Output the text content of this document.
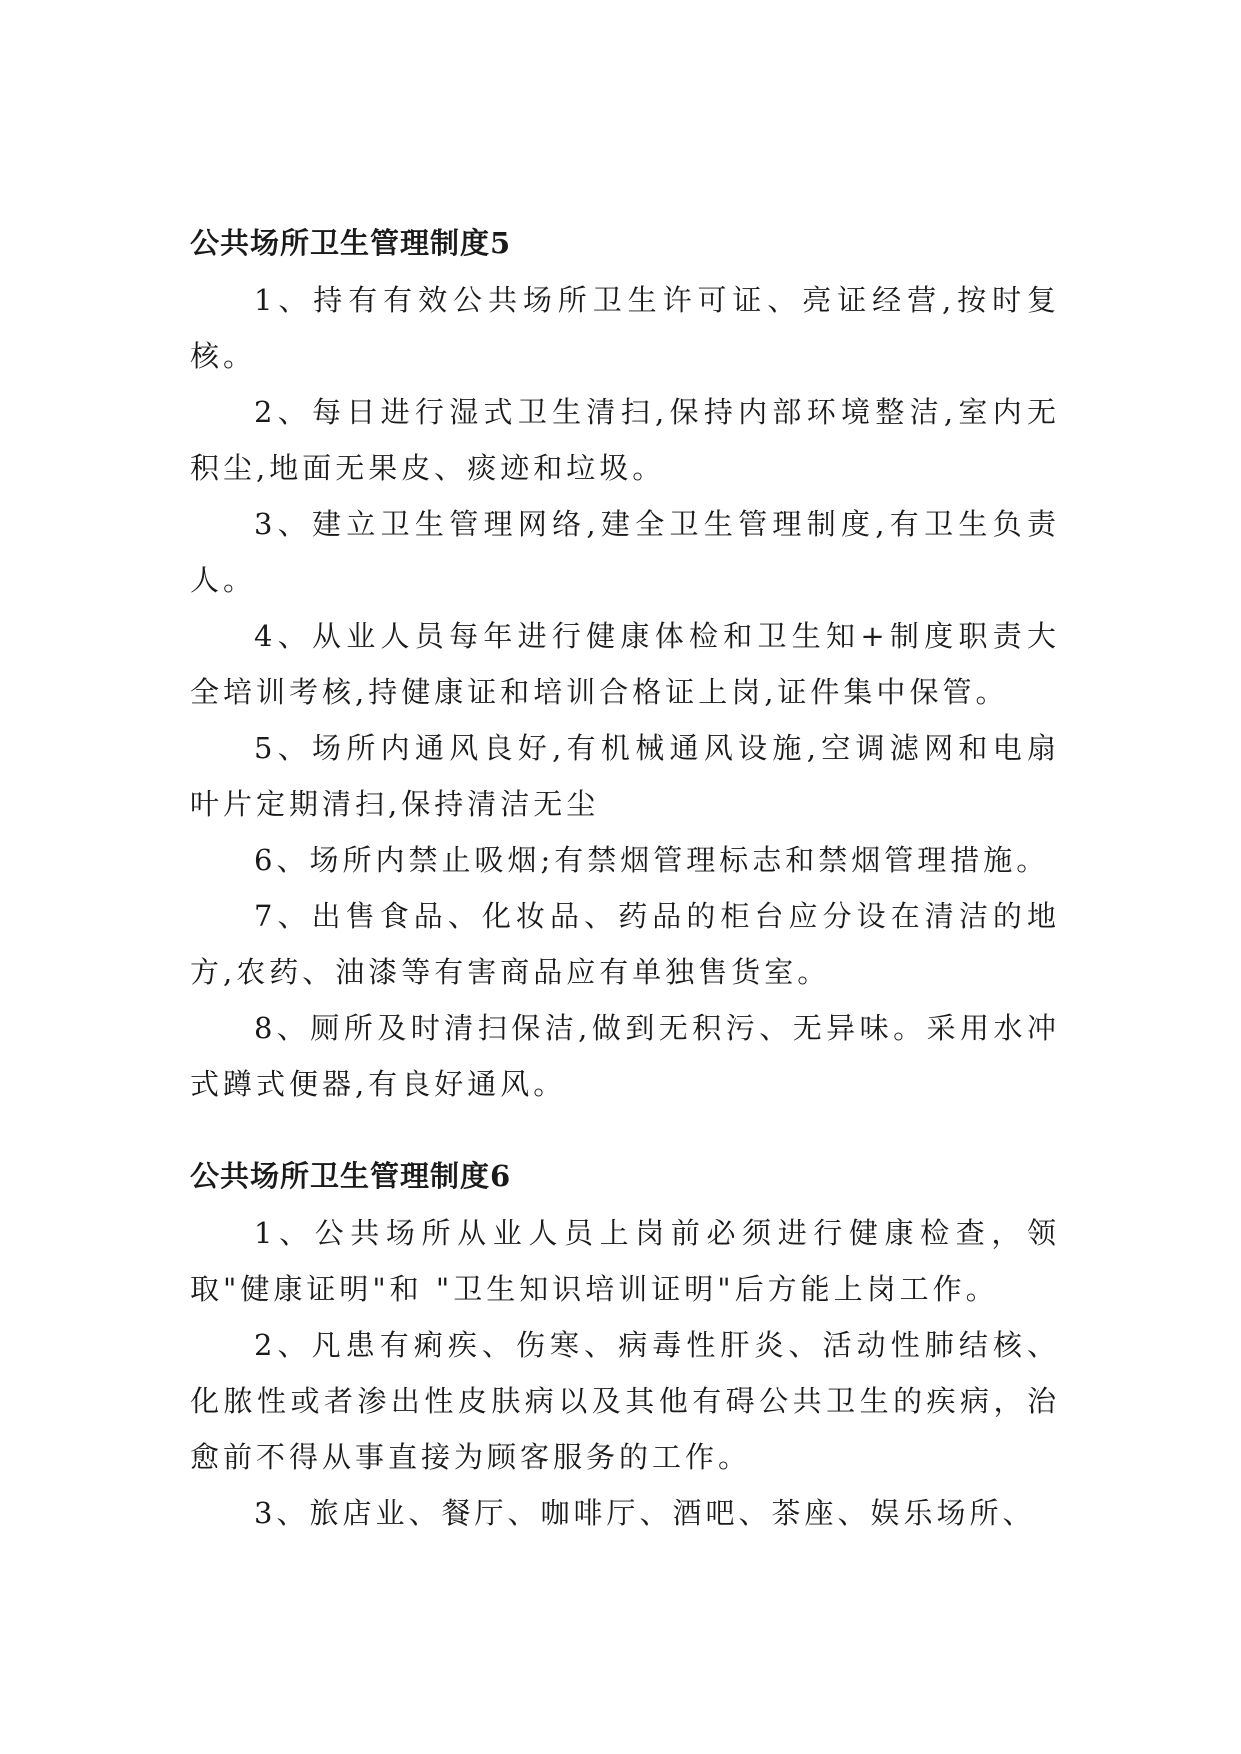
公共场所卫生管理制度5

1、持有有效公共场所卫生许可证、亮证经营,按时复核。

2、每日进行湿式卫生清扫,保持内部环境整洁,室内无积尘,地面无果皮、痰迹和垃圾。

3、建立卫生管理网络,建全卫生管理制度,有卫生负责人。

4、从业人员每年进行健康体检和卫生知+制度职责大全培训考核,持健康证和培训合格证上岗,证件集中保管。

5、场所内通风良好,有机械通风设施,空调滤网和电扇叶片定期清扫,保持清洁无尘

6、场所内禁止吸烟;有禁烟管理标志和禁烟管理措施。

7、出售食品、化妆品、药品的柜台应分设在清洁的地方,农药、油漆等有害商品应有单独售货室。

8、厕所及时清扫保洁,做到无积污、无异味。采用水冲式蹲式便器,有良好通风。

公共场所卫生管理制度6

1、公共场所从业人员上岗前必须进行健康检查，领取"健康证明"和 "卫生知识培训证明"后方能上岗工作。

2、凡患有痢疾、伤寒、病毒性肝炎、活动性肺结核、化脓性或者渗出性皮肤病以及其他有碍公共卫生的疾病，治愈前不得从事直接为顾客服务的工作。

3、旅店业、餐厅、咖啡厅、酒吧、茶座、娱乐场所、
